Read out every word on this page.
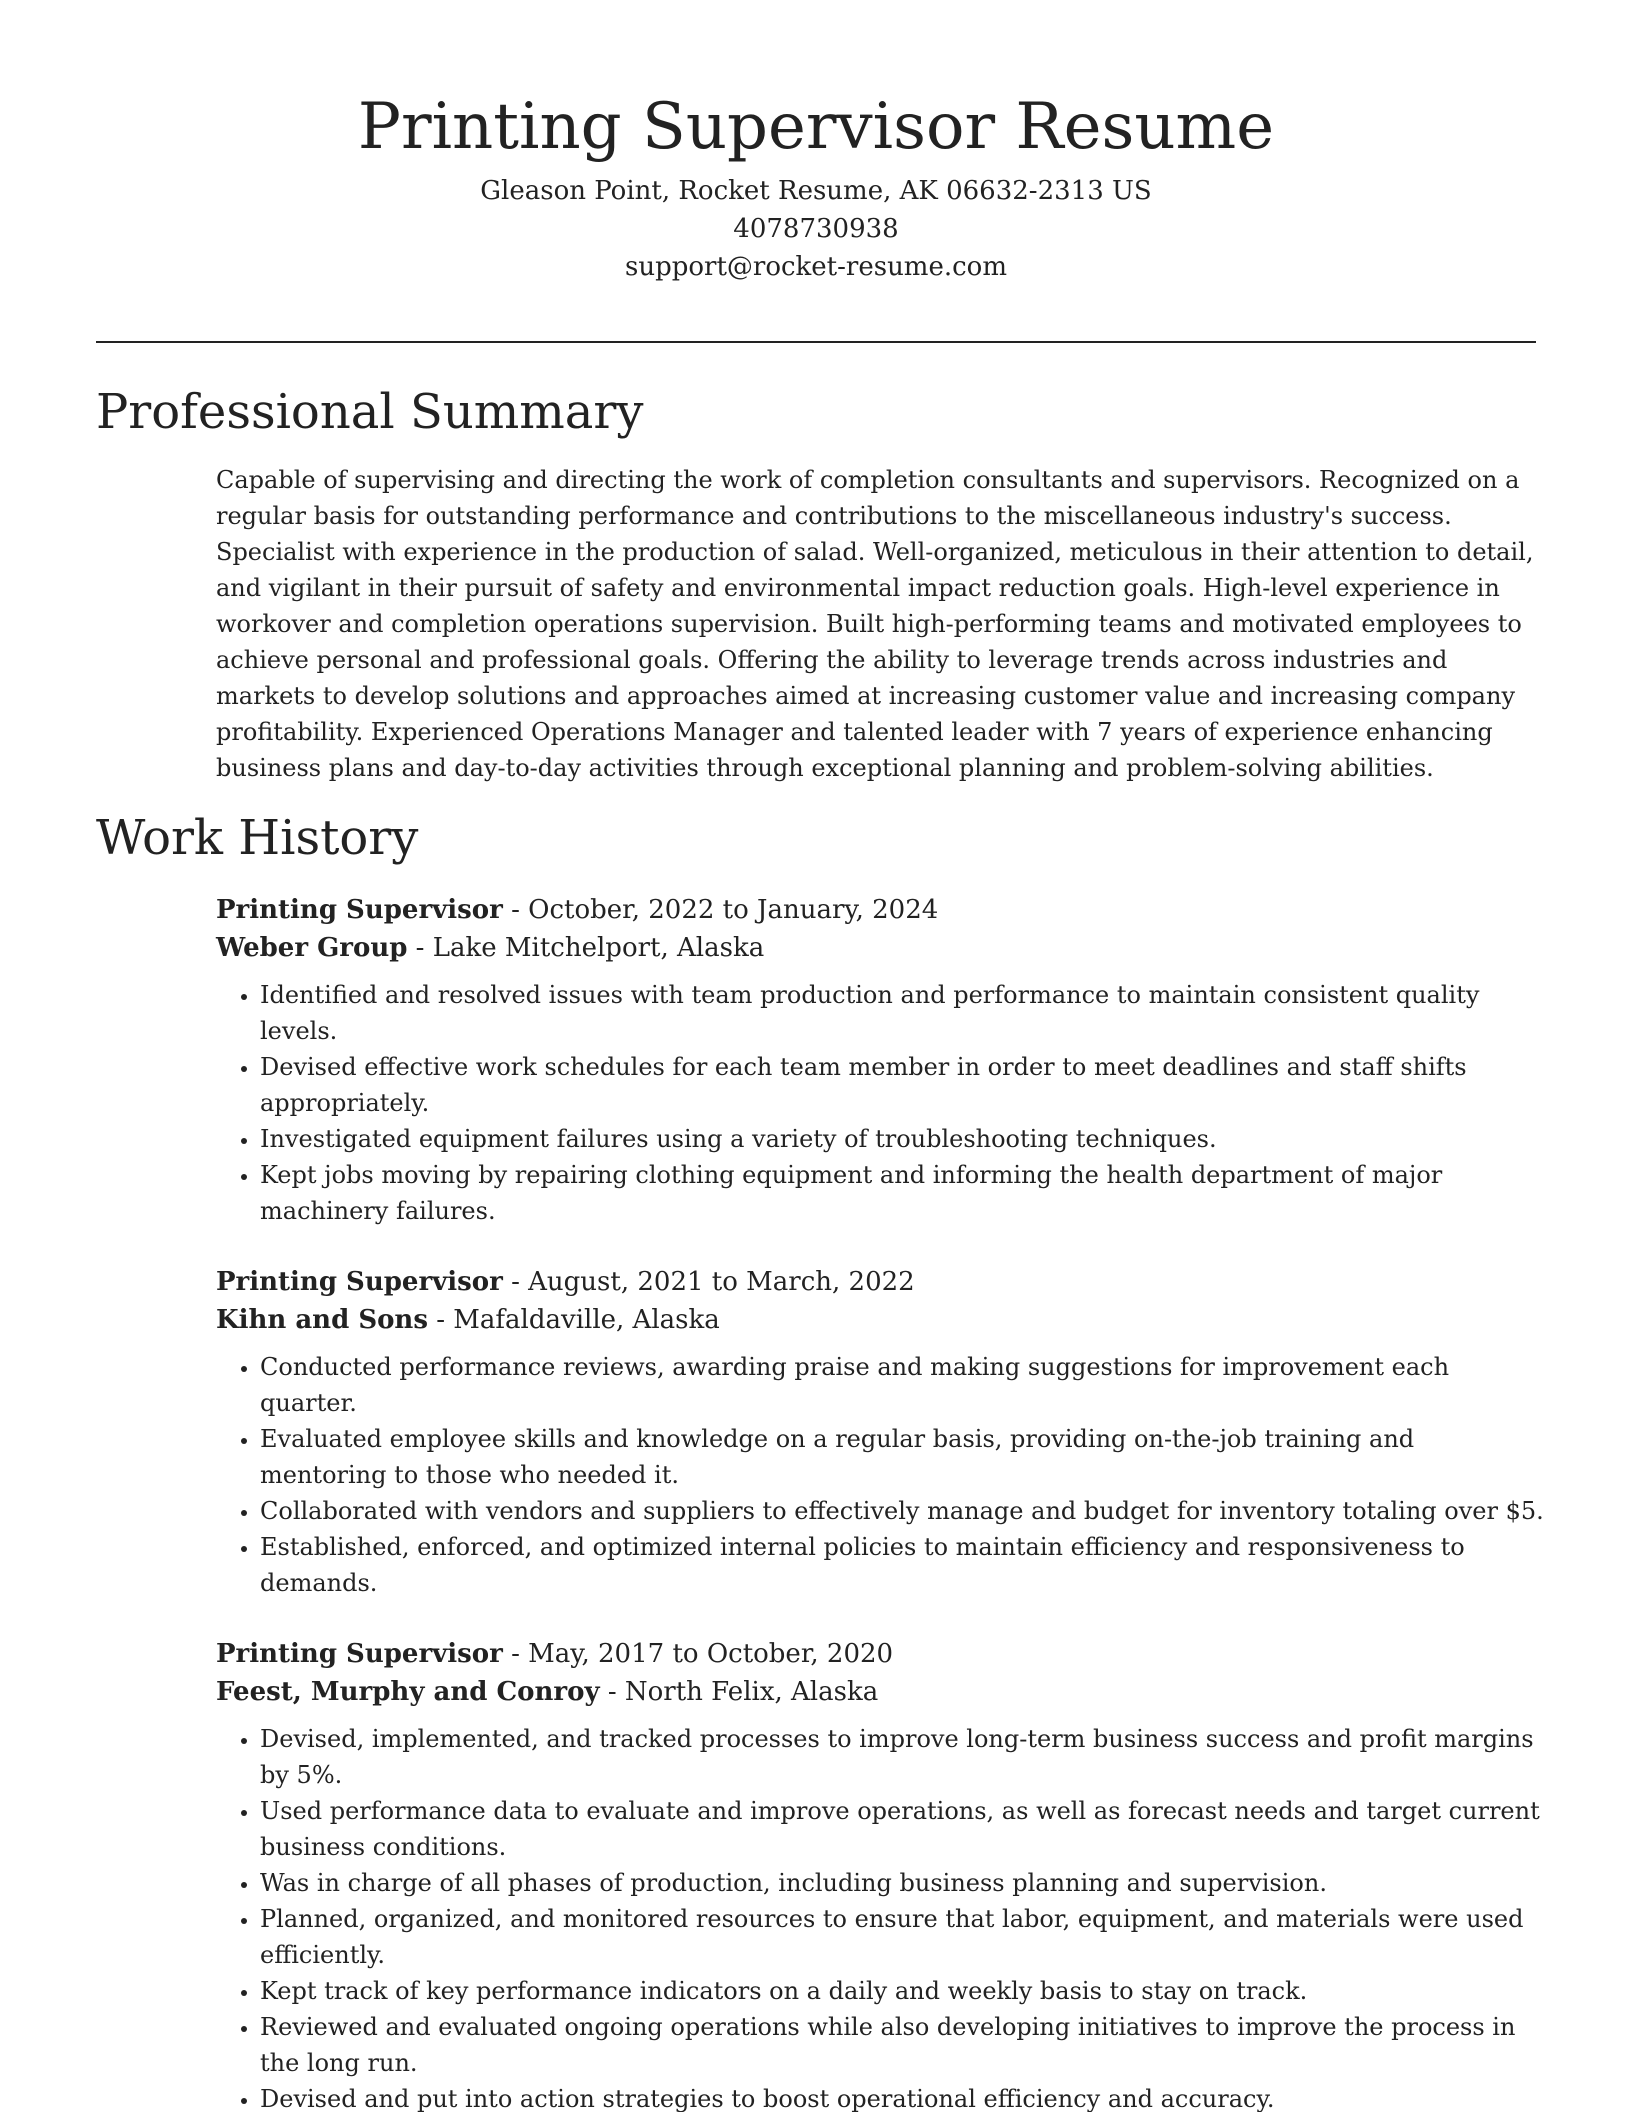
Printing Supervisor Resume

Gleason Point, Rocket Resume, AK 06632-2313 US

4078730938

support@rocket-resume.com

Professional Summary

Capable of supervising and directing the work of completion consultants and supervisors. Recognized on a regular basis for outstanding performance and contributions to the miscellaneous industry's success. Specialist with experience in the production of salad. Well-organized, meticulous in their attention to detail, and vigilant in their pursuit of safety and environmental impact reduction goals. High-level experience in workover and completion operations supervision. Built high-performing teams and motivated employees to achieve personal and professional goals. Offering the ability to leverage trends across industries and markets to develop solutions and approaches aimed at increasing customer value and increasing company profitability. Experienced Operations Manager and talented leader with 7 years of experience enhancing business plans and day-to-day activities through exceptional planning and problem-solving abilities.

Work History

Printing Supervisor - October, 2022 to January, 2024

Weber Group - Lake Mitchelport, Alaska

• Identified and resolved issues with team production and performance to maintain consistent quality levels.
• Devised effective work schedules for each team member in order to meet deadlines and staff shifts appropriately.
• Investigated equipment failures using a variety of troubleshooting techniques.
• Kept jobs moving by repairing clothing equipment and informing the health department of major machinery failures.

Printing Supervisor - August, 2021 to March, 2022

Kihn and Sons - Mafaldaville, Alaska

• Conducted performance reviews, awarding praise and making suggestions for improvement each quarter.
• Evaluated employee skills and knowledge on a regular basis, providing on-the-job training and mentoring to those who needed it.
• Collaborated with vendors and suppliers to effectively manage and budget for inventory totaling over $5.
• Established, enforced, and optimized internal policies to maintain efficiency and responsiveness to demands.

Printing Supervisor - May, 2017 to October, 2020

Feest, Murphy and Conroy - North Felix, Alaska

• Devised, implemented, and tracked processes to improve long-term business success and profit margins by 5%.
• Used performance data to evaluate and improve operations, as well as forecast needs and target current business conditions.
• Was in charge of all phases of production, including business planning and supervision.
• Planned, organized, and monitored resources to ensure that labor, equipment, and materials were used efficiently.
• Kept track of key performance indicators on a daily and weekly basis to stay on track.
• Reviewed and evaluated ongoing operations while also developing initiatives to improve the process in the long run.
• Devised and put into action strategies to boost operational efficiency and accuracy.
